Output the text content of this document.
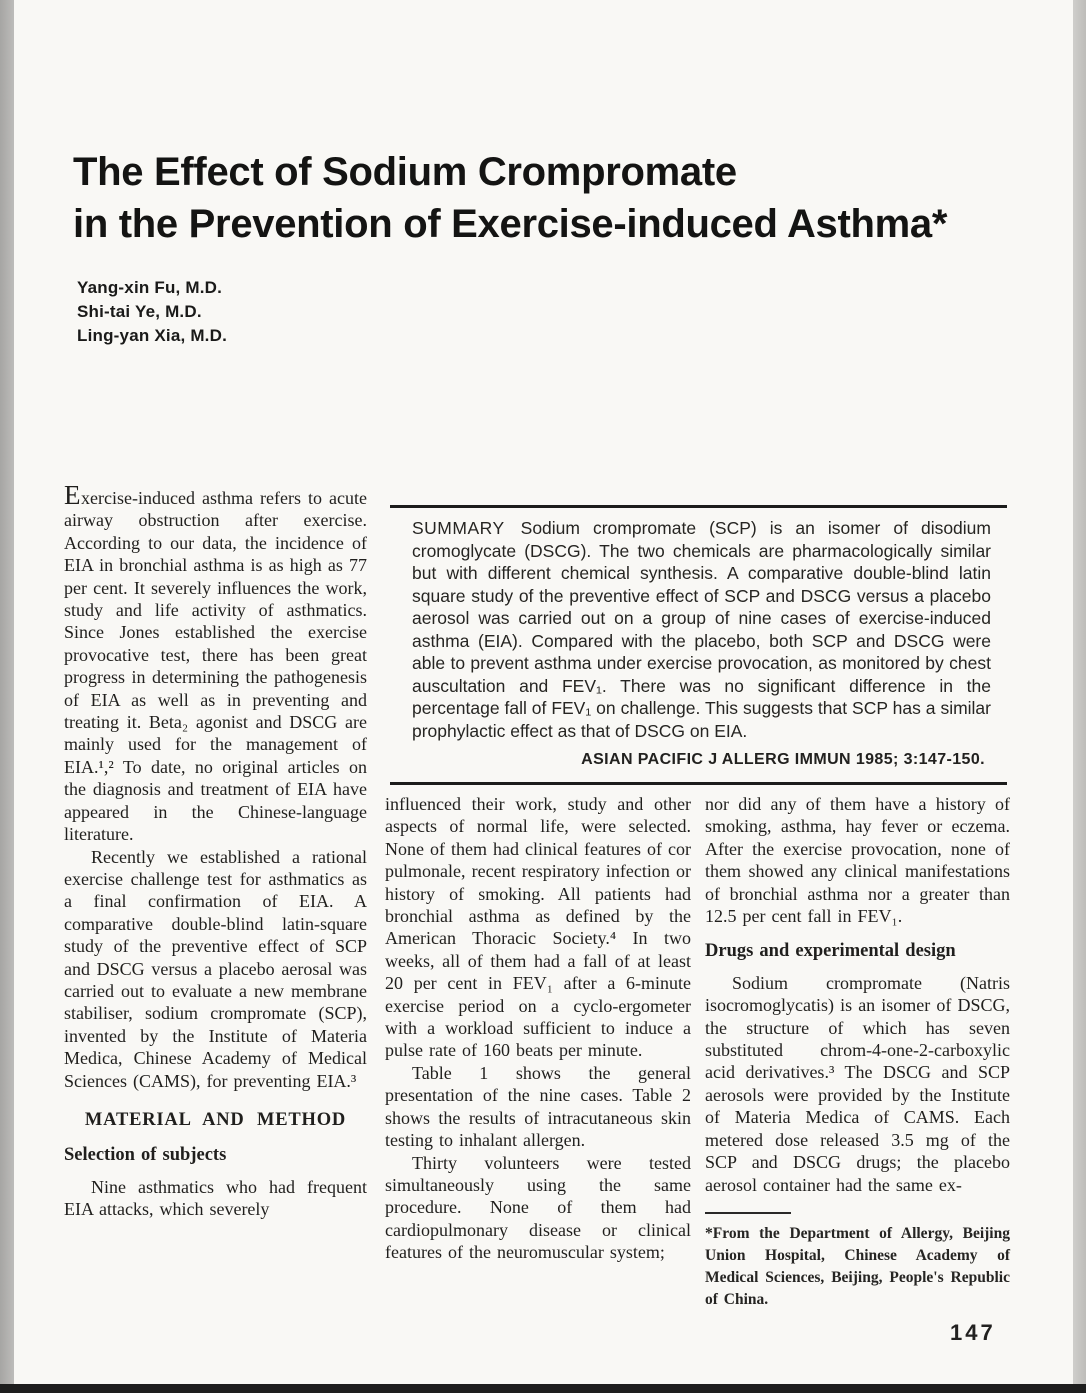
The Effect of Sodium Crompromate
in the Prevention of Exercise-induced Asthma*
Yang-xin Fu, M.D.
Shi-tai Ye, M.D.
Ling-yan Xia, M.D.
SUMMARY Sodium crompromate (SCP) is an isomer of disodium cromoglycate (DSCG). The two chemicals are pharmacologically similar but with different chemical synthesis. A comparative double-blind latin square study of the preventive effect of SCP and DSCG versus a placebo aerosol was carried out on a group of nine cases of exercise-induced asthma (EIA). Compared with the placebo, both SCP and DSCG were able to prevent asthma under exercise provocation, as monitored by chest auscultation and FEV₁. There was no significant difference in the percentage fall of FEV₁ on challenge. This suggests that SCP has a similar prophylactic effect as that of DSCG on EIA.
ASIAN PACIFIC J ALLERG IMMUN 1985; 3:147-150.

Exercise-induced asthma refers to acute airway obstruction after exercise. According to our data, the incidence of EIA in bronchial asthma is as high as 77 per cent. It severely influences the work, study and life activity of asthmatics. Since Jones established the exercise provocative test, there has been great progress in determining the pathogenesis of EIA as well as in preventing and treating it. Beta₂ agonist and DSCG are mainly used for the management of EIA.¹,² To date, no original articles on the diagnosis and treatment of EIA have appeared in the Chinese-language literature.

Recently we established a rational exercise challenge test for asthmatics as a final confirmation of EIA. A comparative double-blind latin-square study of the preventive effect of SCP and DSCG versus a placebo aerosal was carried out to evaluate a new membrane stabiliser, sodium crompromate (SCP), invented by the Institute of Materia Medica, Chinese Academy of Medical Sciences (CAMS), for preventing EIA.³

MATERIAL AND METHOD

Selection of subjects

Nine asthmatics who had frequent EIA attacks, which severely

influenced their work, study and other aspects of normal life, were selected. None of them had clinical features of cor pulmonale, recent respiratory infection or history of smoking. All patients had bronchial asthma as defined by the American Thoracic Society.⁴ In two weeks, all of them had a fall of at least 20 per cent in FEV₁ after a 6-minute exercise period on a cyclo-ergometer with a workload sufficient to induce a pulse rate of 160 beats per minute.

Table 1 shows the general presentation of the nine cases. Table 2 shows the results of intracutaneous skin testing to inhalant allergen.

Thirty volunteers were tested simultaneously using the same procedure. None of them had cardiopulmonary disease or clinical features of the neuromuscular system;

nor did any of them have a history of smoking, asthma, hay fever or eczema. After the exercise provocation, none of them showed any clinical manifestations of bronchial asthma nor a greater than 12.5 per cent fall in FEV₁.

Drugs and experimental design

Sodium crompromate (Natris isocromoglycatis) is an isomer of DSCG, the structure of which has seven substituted chrom-4-one-2-carboxylic acid derivatives.³ The DSCG and SCP aerosols were provided by the Institute of Materia Medica of CAMS. Each metered dose released 3.5 mg of the SCP and DSCG drugs; the placebo aerosol container had the same ex-

*From the Department of Allergy, Beijing Union Hospital, Chinese Academy of Medical Sciences, Beijing, People's Republic of China.

147
